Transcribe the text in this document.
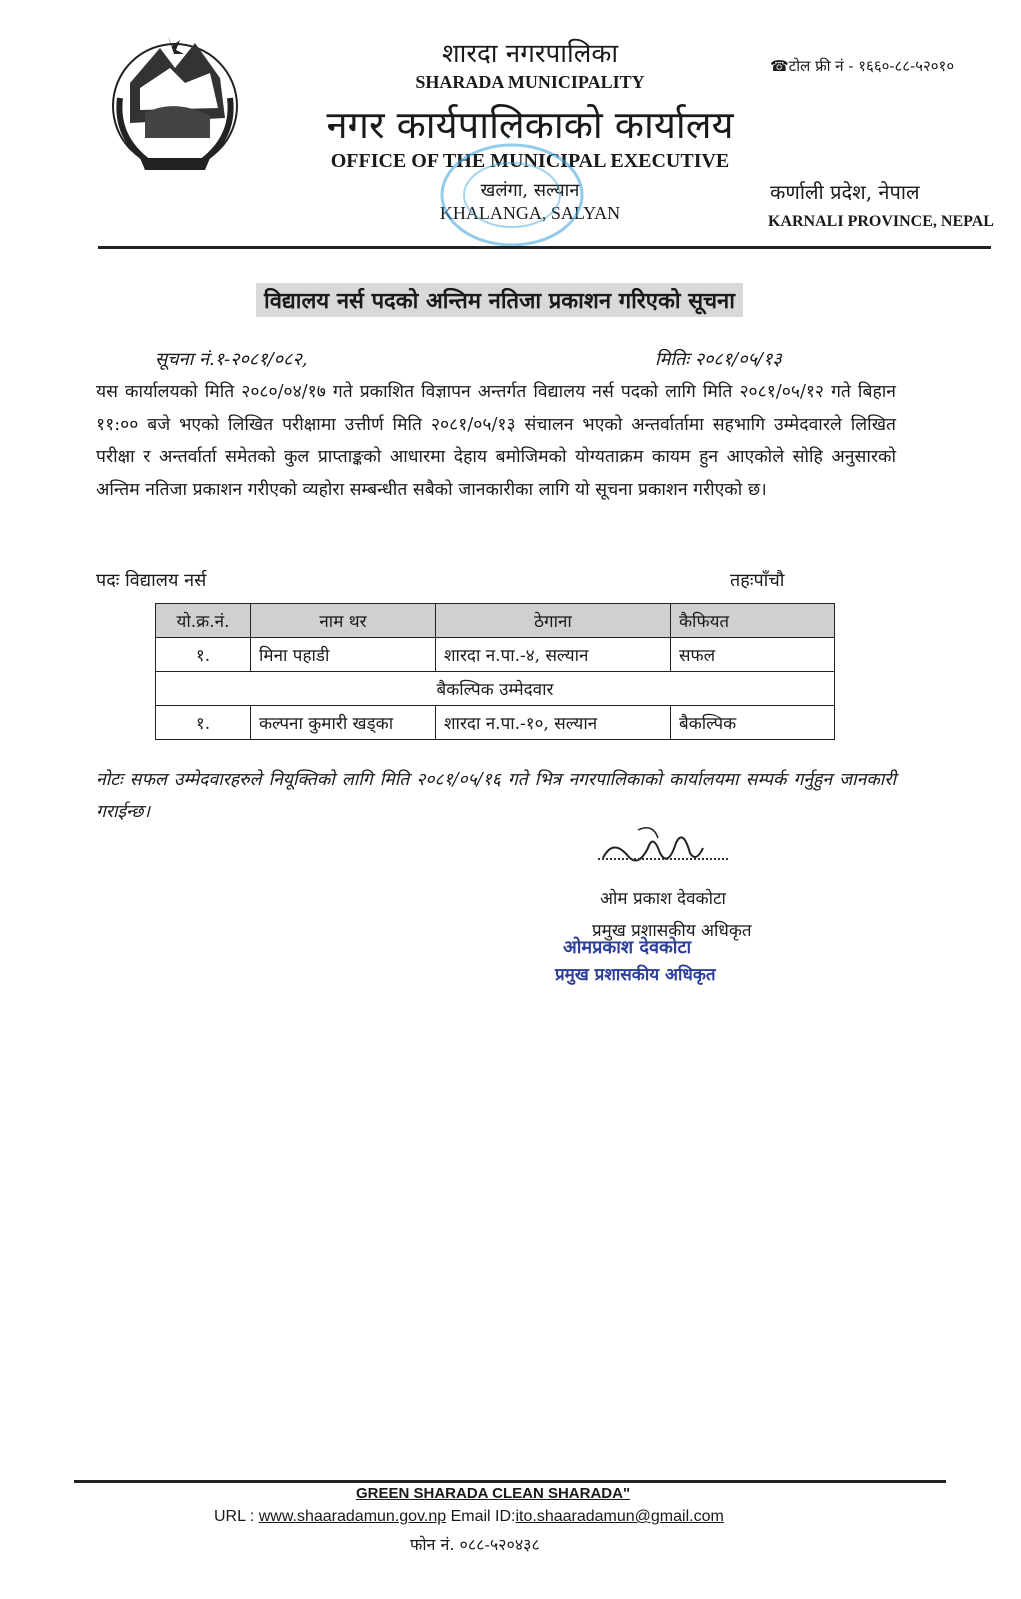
शारदा नगरपालिका
SHARADA MUNICIPALITY
नगर कार्यपालिकाको कार्यालय
OFFICE OF THE MUNICIPAL EXECUTIVE
खलंगा, सल्यान
KHALANGA, SALYAN
☎टोल फ्री नं - १६६०-८८-५२०१०
कर्णाली प्रदेश, नेपाल
KARNALI PROVINCE, NEPAL
विद्यालय नर्स पदको अन्तिम नतिजा प्रकाशन गरिएको सूचना
सूचना नं.१-२०८१/०८२,	मितिः २०८१/०५/१३
यस कार्यालयको मिति २०८०/०४/१७ गते प्रकाशित विज्ञापन अन्तर्गत विद्यालय नर्स पदको लागि मिति २०८१/०५/१२ गते बिहान ११:०० बजे भएको लिखित परीक्षामा उत्तीर्ण मिति २०८१/०५/१३ संचालन भएको अन्तर्वार्तामा सहभागि उम्मेदवारले लिखित परीक्षा र अन्तर्वार्ता समेतको कुल प्राप्ताङ्कको आधारमा देहाय बमोजिमको योग्यताक्रम कायम हुन आएकोले सोहि अनुसारको अन्तिम नतिजा प्रकाशन गरीएको व्यहोरा सम्बन्धीत सबैको जानकारीका लागि यो सूचना प्रकाशन गरीएको छ।
पदः विद्यालय नर्स	तहःपाँचौ
यो.क्र.नं.	नाम थर	ठेगाना	कैफियत
१.	मिना पहाडी	शारदा न.पा.-४, सल्यान	सफल
बैकल्पिक उम्मेदवार			
१.	कल्पना कुमारी खड्का	शारदा न.पा.-१०, सल्यान	बैकल्पिक
नोटः सफल उम्मेदवारहरुले नियूक्तिको लागि मिति २०८१/०५/१६ गते भित्र नगरपालिकाको कार्यालयमा सम्पर्क गर्नुहुन जानकारी गराईन्छ।
ओम प्रकाश देवकोटा
प्रमुख प्रशासकीय अधिकृत
ओमप्रकाश देवकोटा
प्रमुख प्रशासकीय अधिकृत
GREEN SHARADA CLEAN SHARADA"
URL : www.shaaradamun.gov.np Email ID:ito.shaaradamun@gmail.com
फोन नं. ०८८-५२०४३८
